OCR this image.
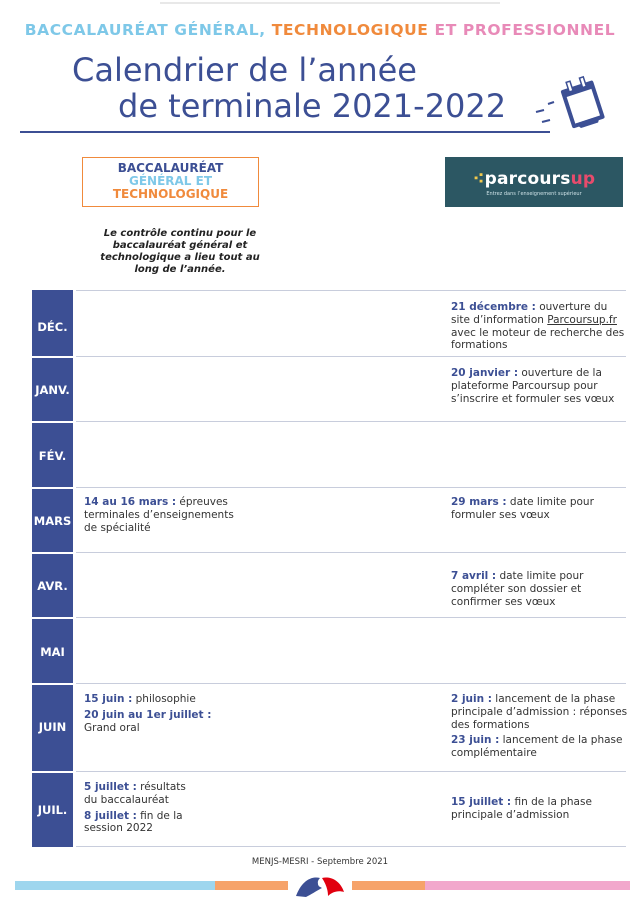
BACCALAURÉAT GÉNÉRAL, TECHNOLOGIQUE ET PROFESSIONNEL
Calendrier de l’année
de terminale 2021-2022
BACCALAURÉAT
GÉNÉRAL ET
TECHNOLOGIQUE
⁖parcoursup
Entrez dans l’enseignement supérieur
Le contrôle continu pour le baccalauréat général et technologique a lieu tout au long de l’année.
DÉC.
JANV.
FÉV.
MARS
AVR.
MAI
JUIN
JUIL.
21 décembre : ouverture du site d’information Parcoursup.fr avec le moteur de recherche des formations
20 janvier : ouverture de la plateforme Parcoursup pour s’inscrire et formuler ses vœux
14 au 16 mars : épreuves terminales d’enseignements de spécialité
29 mars : date limite pour formuler ses vœux
7 avril : date limite pour compléter son dossier et confirmer ses vœux
15 juin : philosophie
20 juin au 1er juillet :
Grand oral
2 juin : lancement de la phase principale d’admission : réponses des formations
23 juin : lancement de la phase complémentaire
5 juillet : résultats du baccalauréat
8 juillet : fin de la session 2022
15 juillet : fin de la phase principale d’admission
MENJS-MESRI - Septembre 2021
